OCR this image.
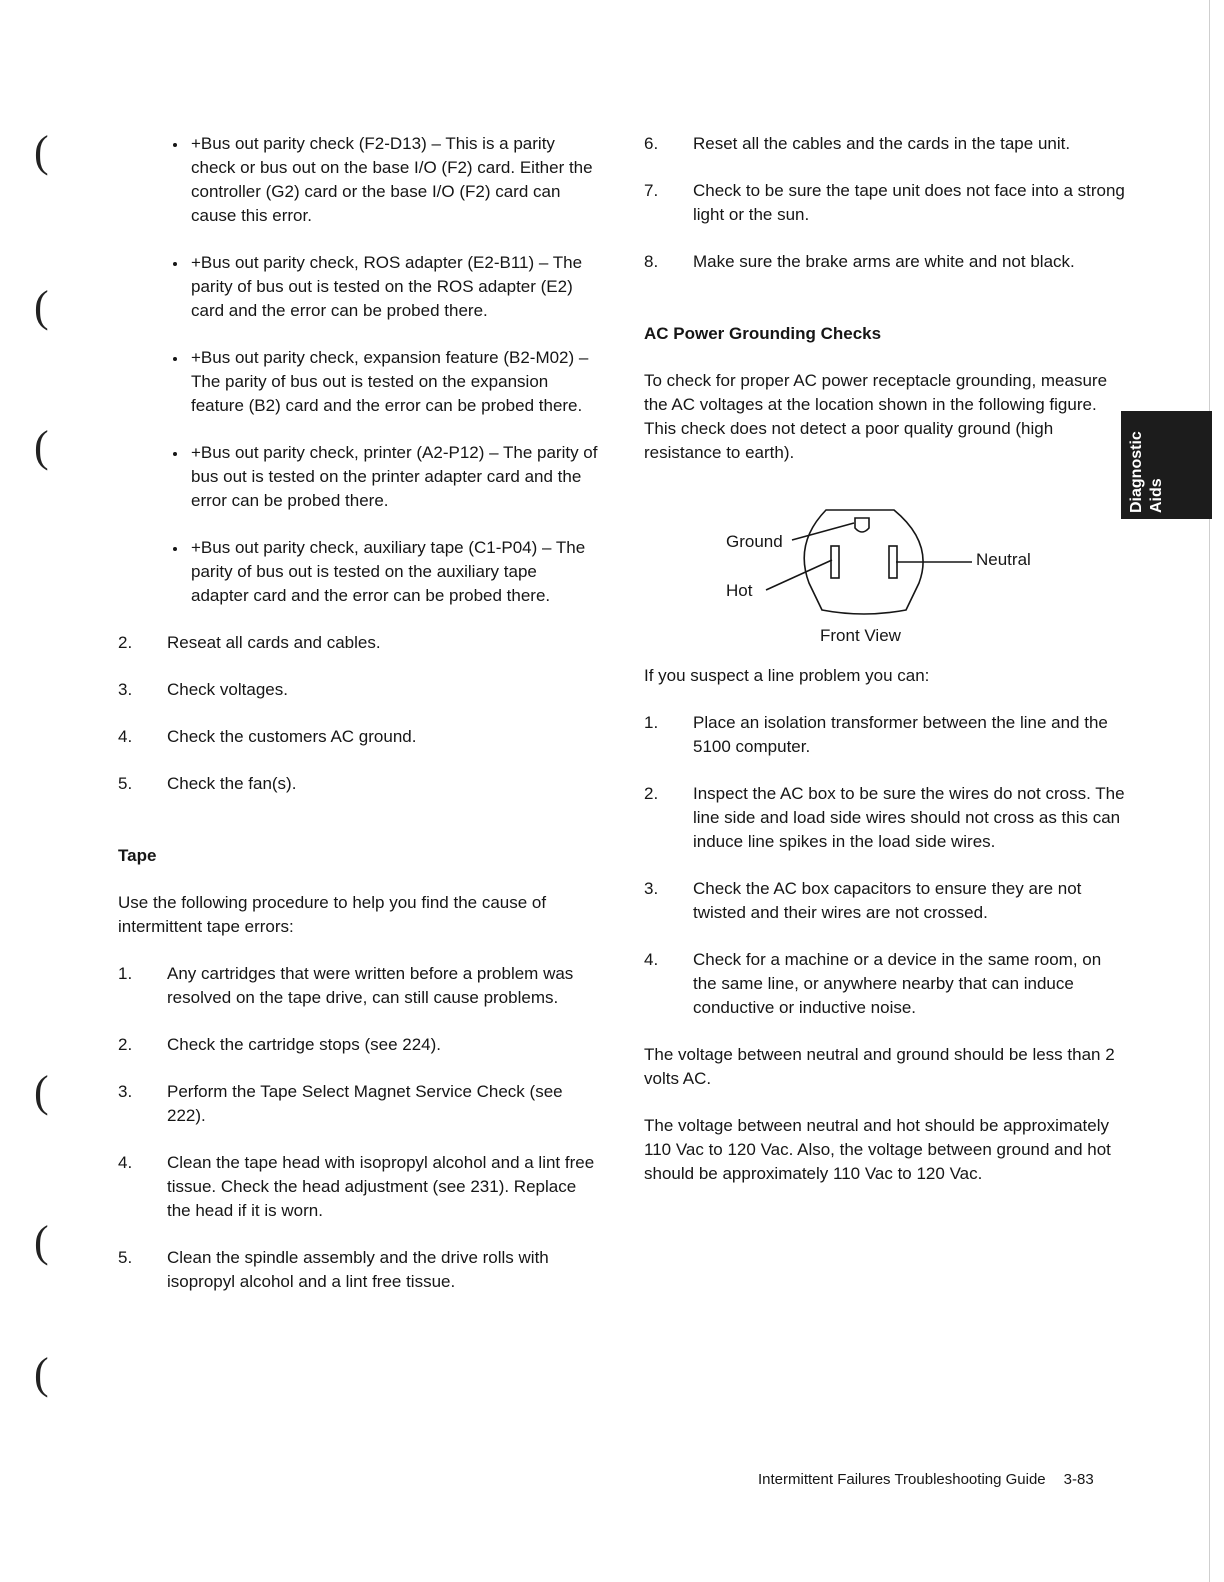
(
(
(
(
(
(
+Bus out parity check (F2-D13) – This is a parity check or bus out on the base I/O (F2) card. Either the controller (G2) card or the base I/O (F2) card can cause this error.
+Bus out parity check, ROS adapter (E2-B11) – The parity of bus out is tested on the ROS adapter (E2) card and the error can be probed there.
+Bus out parity check, expansion feature (B2-M02) – The parity of bus out is tested on the expansion feature (B2) card and the error can be probed there.
+Bus out parity check, printer (A2-P12) – The parity of bus out is tested on the printer adapter card and the error can be probed there.
+Bus out parity check, auxiliary tape (C1-P04) – The parity of bus out is tested on the auxiliary tape adapter card and the error can be probed there.
2. Reseat all cards and cables.
3. Check voltages.
4. Check the customers AC ground.
5. Check the fan(s).
Tape

Use the following procedure to help you find the cause of intermittent tape errors:

1. Any cartridges that were written before a problem was resolved on the tape drive, can still cause problems.
2. Check the cartridge stops (see 224).
3. Perform the Tape Select Magnet Service Check (see 222).
4. Clean the tape head with isopropyl alcohol and a lint free tissue. Check the head adjustment (see 231). Replace the head if it is worn.
5. Clean the spindle assembly and the drive rolls with isopropyl alcohol and a lint free tissue.
6. Reset all the cables and the cards in the tape unit.
7. Check to be sure the tape unit does not face into a strong light or the sun.
8. Make sure the brake arms are white and not black.
AC Power Grounding Checks

To check for proper AC power receptacle grounding, measure the AC voltages at the location shown in the following figure. This check does not detect a poor quality ground (high resistance to earth).

Ground
Hot
Neutral
Front View

If you suspect a line problem you can:

1. Place an isolation transformer between the line and the 5100 computer.
2. Inspect the AC box to be sure the wires do not cross. The line side and load side wires should not cross as this can induce line spikes in the load side wires.
3. Check the AC box capacitors to ensure they are not twisted and their wires are not crossed.
4. Check for a machine or a device in the same room, on the same line, or anywhere nearby that can induce conductive or inductive noise.

The voltage between neutral and ground should be less than 2 volts AC.

The voltage between neutral and hot should be approximately 110 Vac to 120 Vac. Also, the voltage between ground and hot should be approximately 110 Vac to 120 Vac.

Diagnostic Aids
Intermittent Failures Troubleshooting Guide 3-83
